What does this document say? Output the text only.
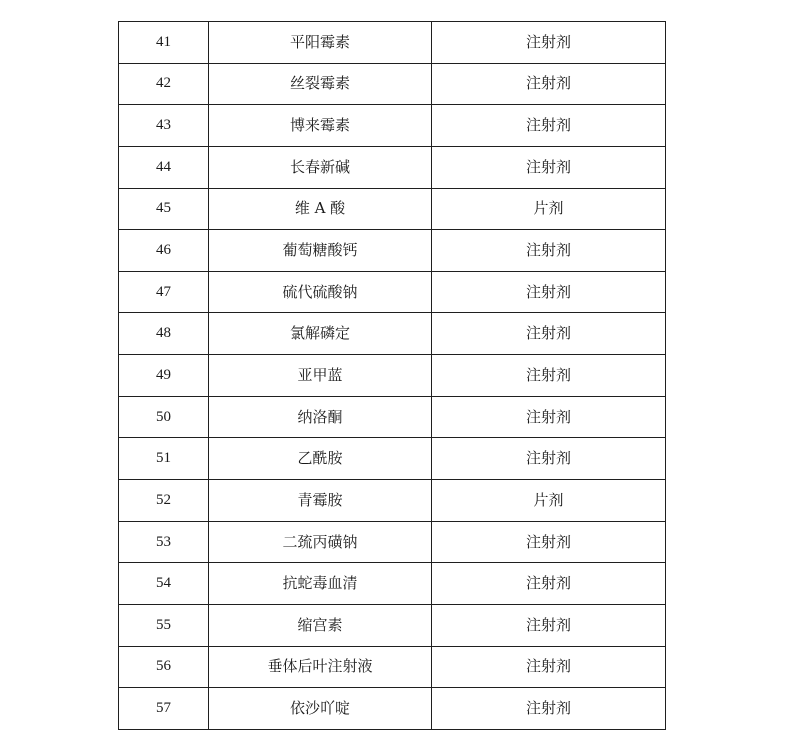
41	平阳霉素	注射剂
42	丝裂霉素	注射剂
43	博来霉素	注射剂
44	长春新碱	注射剂
45	维 A 酸	片剂
46	葡萄糖酸钙	注射剂
47	硫代硫酸钠	注射剂
48	氯解磷定	注射剂
49	亚甲蓝	注射剂
50	纳洛酮	注射剂
51	乙酰胺	注射剂
52	青霉胺	片剂
53	二巯丙磺钠	注射剂
54	抗蛇毒血清	注射剂
55	缩宫素	注射剂
56	垂体后叶注射液	注射剂
57	依沙吖啶	注射剂
